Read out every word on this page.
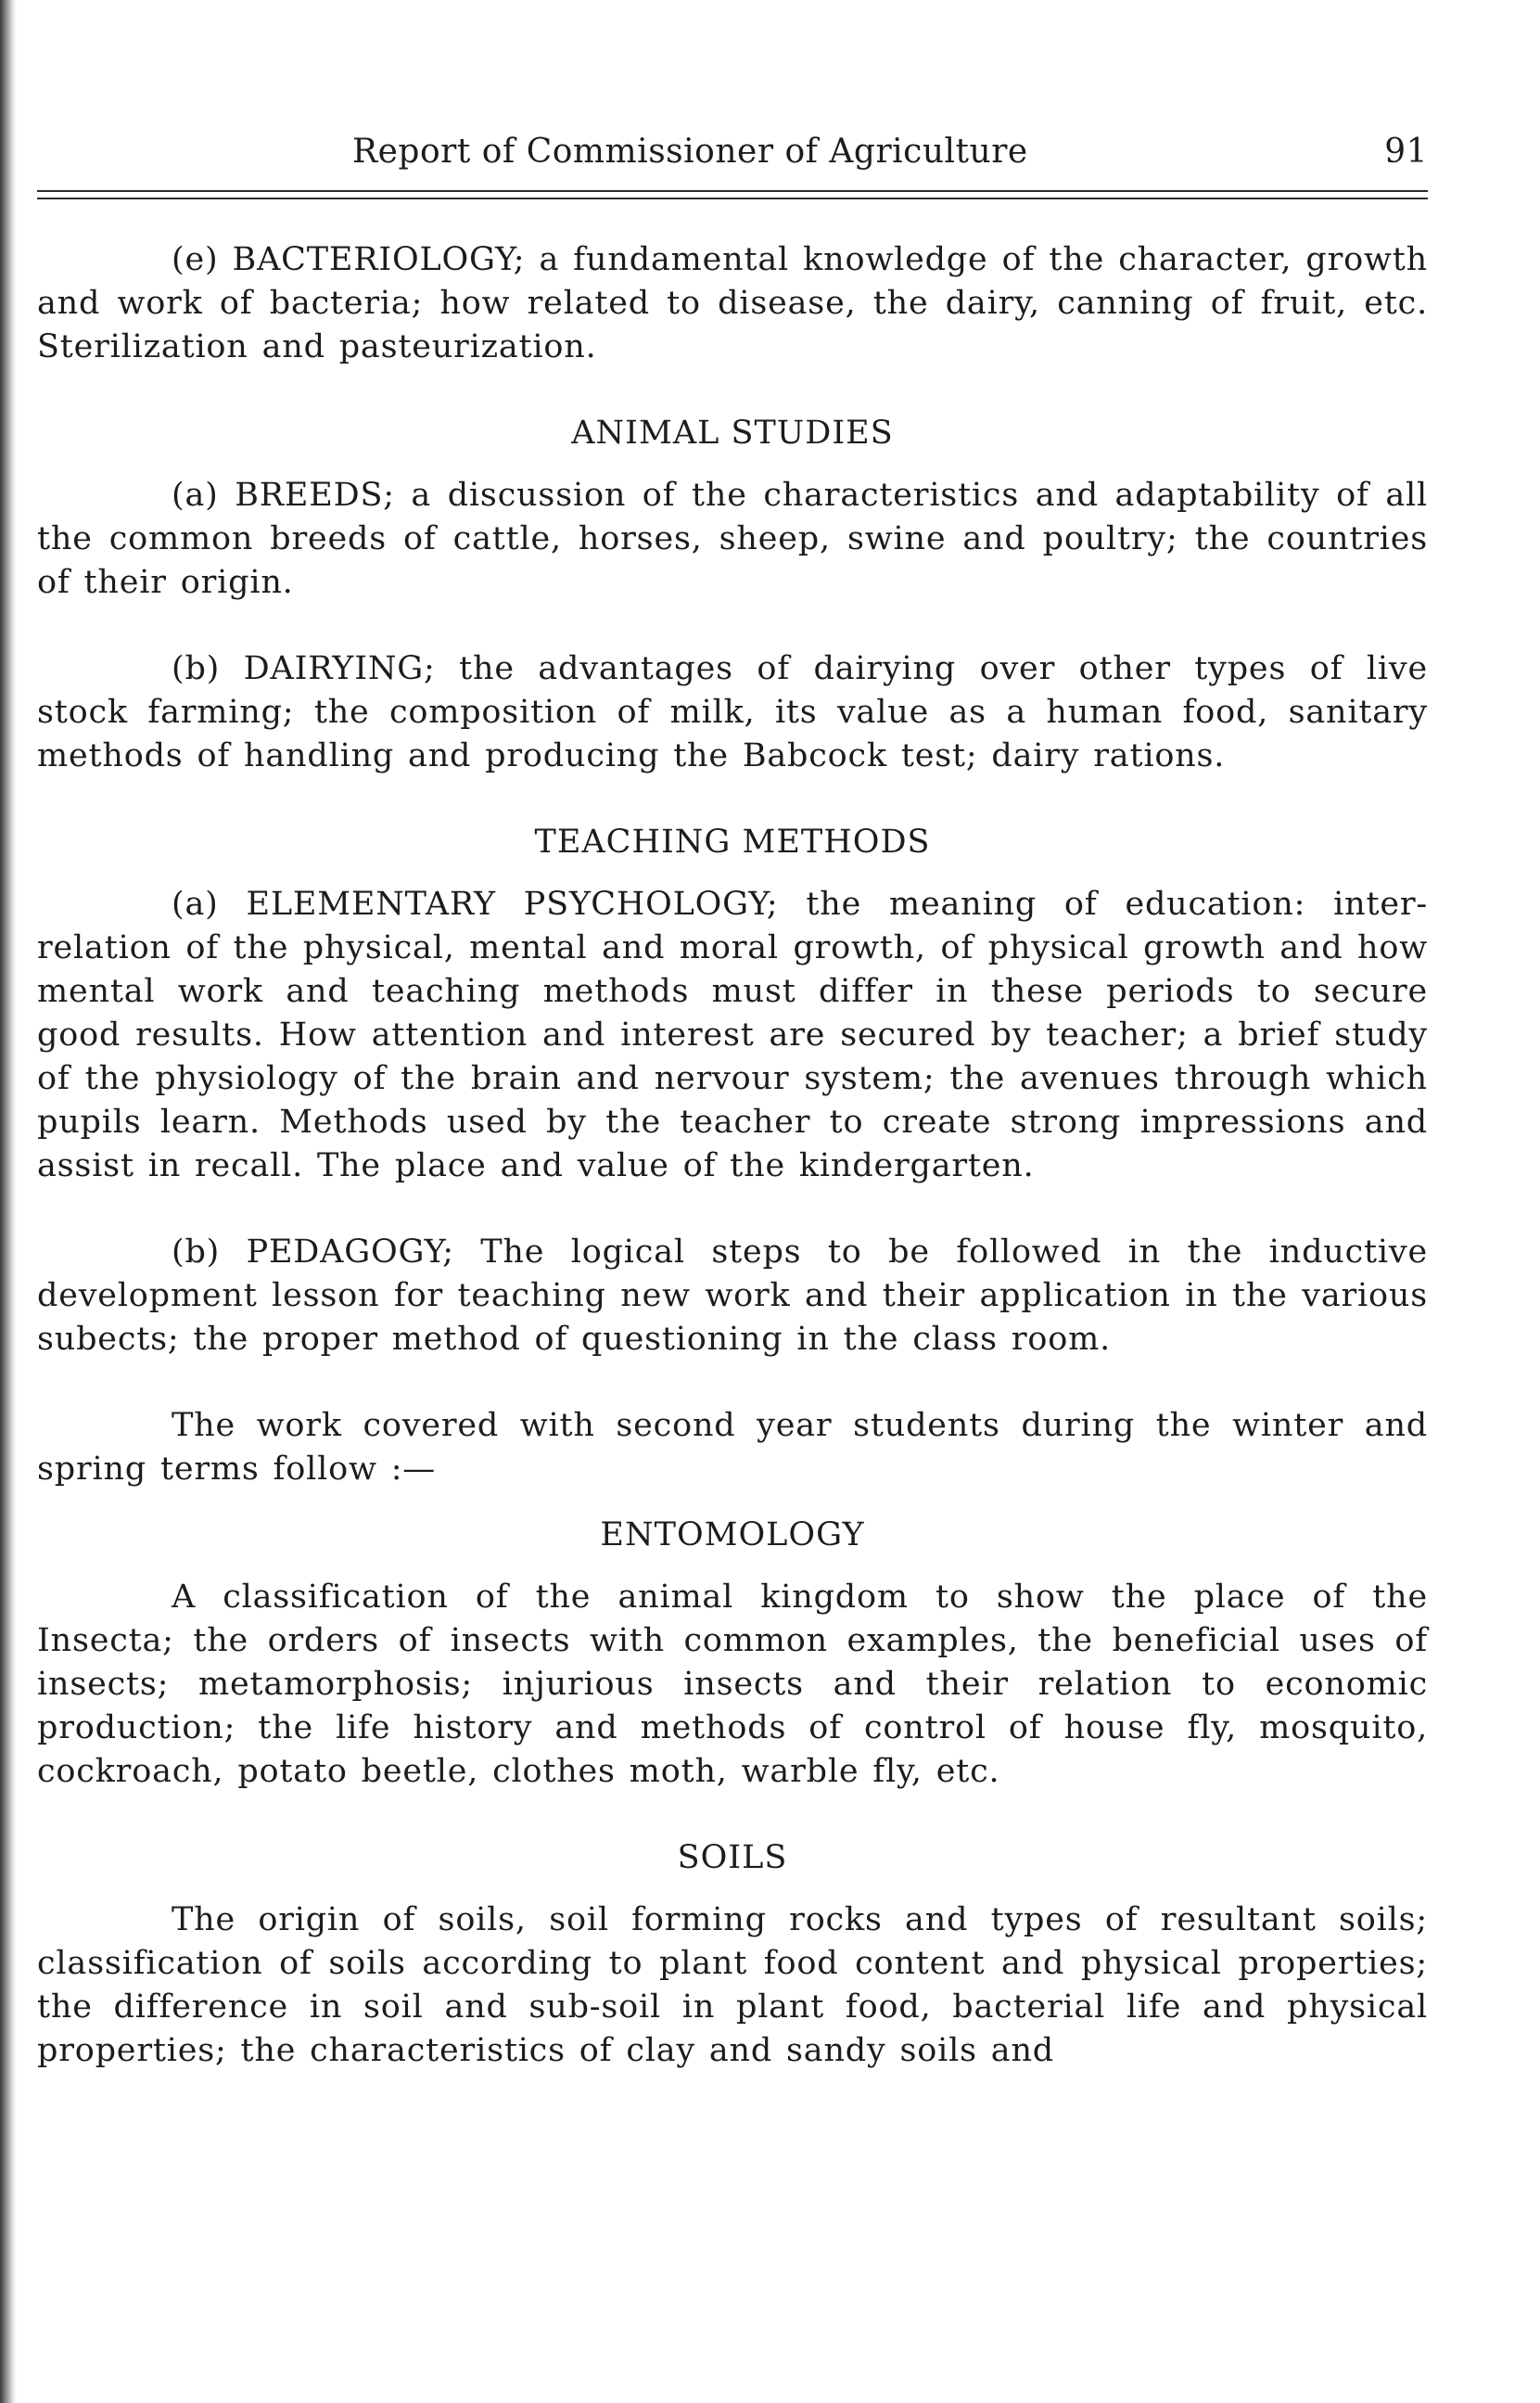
Report of Commissioner of Agriculture	91

(e) BACTERIOLOGY; a fundamental knowledge of the character, growth and work of bacteria; how related to disease, the dairy, canning of fruit, etc. Sterilization and pasteurization.

ANIMAL STUDIES

(a) BREEDS; a discussion of the characteristics and adaptability of all the common breeds of cattle, horses, sheep, swine and poultry; the countries of their origin.

(b) DAIRYING; the advantages of dairying over other types of live stock farming; the composition of milk, its value as a human food, sanitary methods of handling and producing the Babcock test; dairy rations.

TEACHING METHODS

(a) ELEMENTARY PSYCHOLOGY; the meaning of education: inter-relation of the physical, mental and moral growth, of physical growth and how mental work and teaching methods must differ in these periods to secure good results. How attention and interest are secured by teacher; a brief study of the physiology of the brain and nervour system; the avenues through which pupils learn. Methods used by the teacher to create strong impressions and assist in recall. The place and value of the kindergarten.

(b) PEDAGOGY; The logical steps to be followed in the inductive development lesson for teaching new work and their application in the various subects; the proper method of questioning in the class room.

The work covered with second year students during the winter and spring terms follow :—

ENTOMOLOGY

A classification of the animal kingdom to show the place of the Insecta; the orders of insects with common examples, the beneficial uses of insects; metamorphosis; injurious insects and their relation to economic production; the life history and methods of control of house fly, mosquito, cockroach, potato beetle, clothes moth, warble fly, etc.

SOILS

The origin of soils, soil forming rocks and types of resultant soils; classification of soils according to plant food content and physical properties; the difference in soil and sub-soil in plant food, bacterial life and physical properties; the characteristics of clay and sandy soils and
